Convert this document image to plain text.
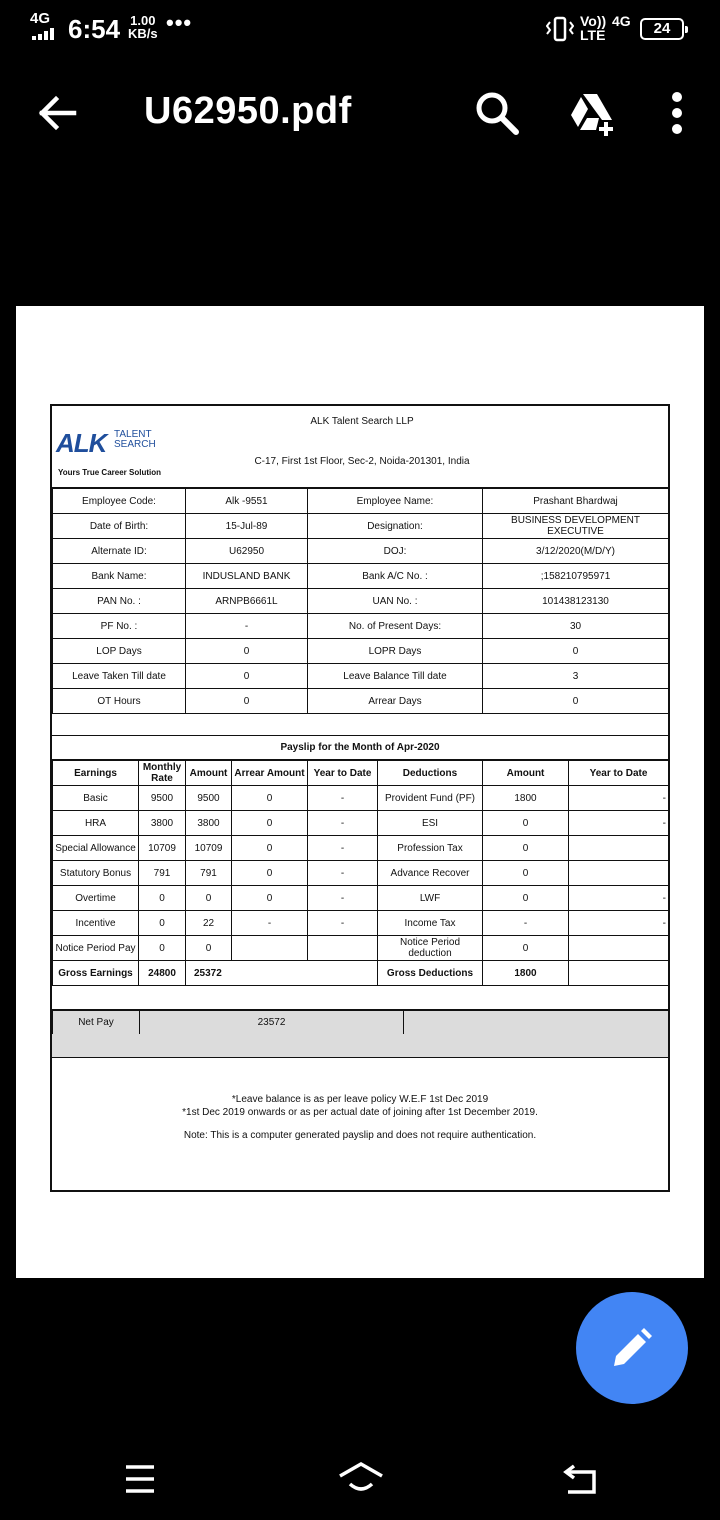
4G 6:54 1.00
KB/s •••	Vo)) LTE
4G	24
U62950.pdf
ALK TALENT
SEARCH
Yours True Career Solution
ALK Talent Search LLP
C-17, First 1st Floor, Sec-2, Noida-201301, India
Employee Code:	Alk -9551	Employee Name:	Prashant Bhardwaj
Date of Birth:	15-Jul-89	Designation:	BUSINESS DEVELOPMENT EXECUTIVE
Alternate ID:	U62950	DOJ:	3/12/2020(M/D/Y)
Bank Name:	INDUSLAND BANK	Bank A/C No. :	;158210795971
PAN No. :	ARNPB6661L	UAN No. :	101438123130
PF No. :	-	No. of Present Days:	30
LOP Days	0	LOPR Days	0
Leave Taken Till date	0	Leave Balance Till date	3
OT Hours	0	Arrear Days	0
Payslip for the Month of Apr-2020
Earnings	Monthly Rate	Amount	Arrear Amount	Year to Date	Deductions	Amount	Year to Date
Basic	9500	9500	0	-	Provident Fund (PF)	1800	-
HRA	3800	3800	0	-	ESI	0	-
Special Allowance	10709	10709	0	-	Profession Tax	0	
Statutory Bonus	791	791	0	-	Advance Recover	0	
Overtime	0	0	0	-	LWF	0	-
Incentive	0	22	-	-	Income Tax	-	-
Notice Period Pay	0	0			Notice Period deduction	0	
Gross Earnings	24800	25372			Gross Deductions	1800	
Net Pay	23572	

*Leave balance is as per leave policy W.E.F 1st Dec 2019

*1st Dec 2019 onwards or as per actual date of joining after 1st December 2019.

Note: This is a computer generated payslip and does not require authentication.
